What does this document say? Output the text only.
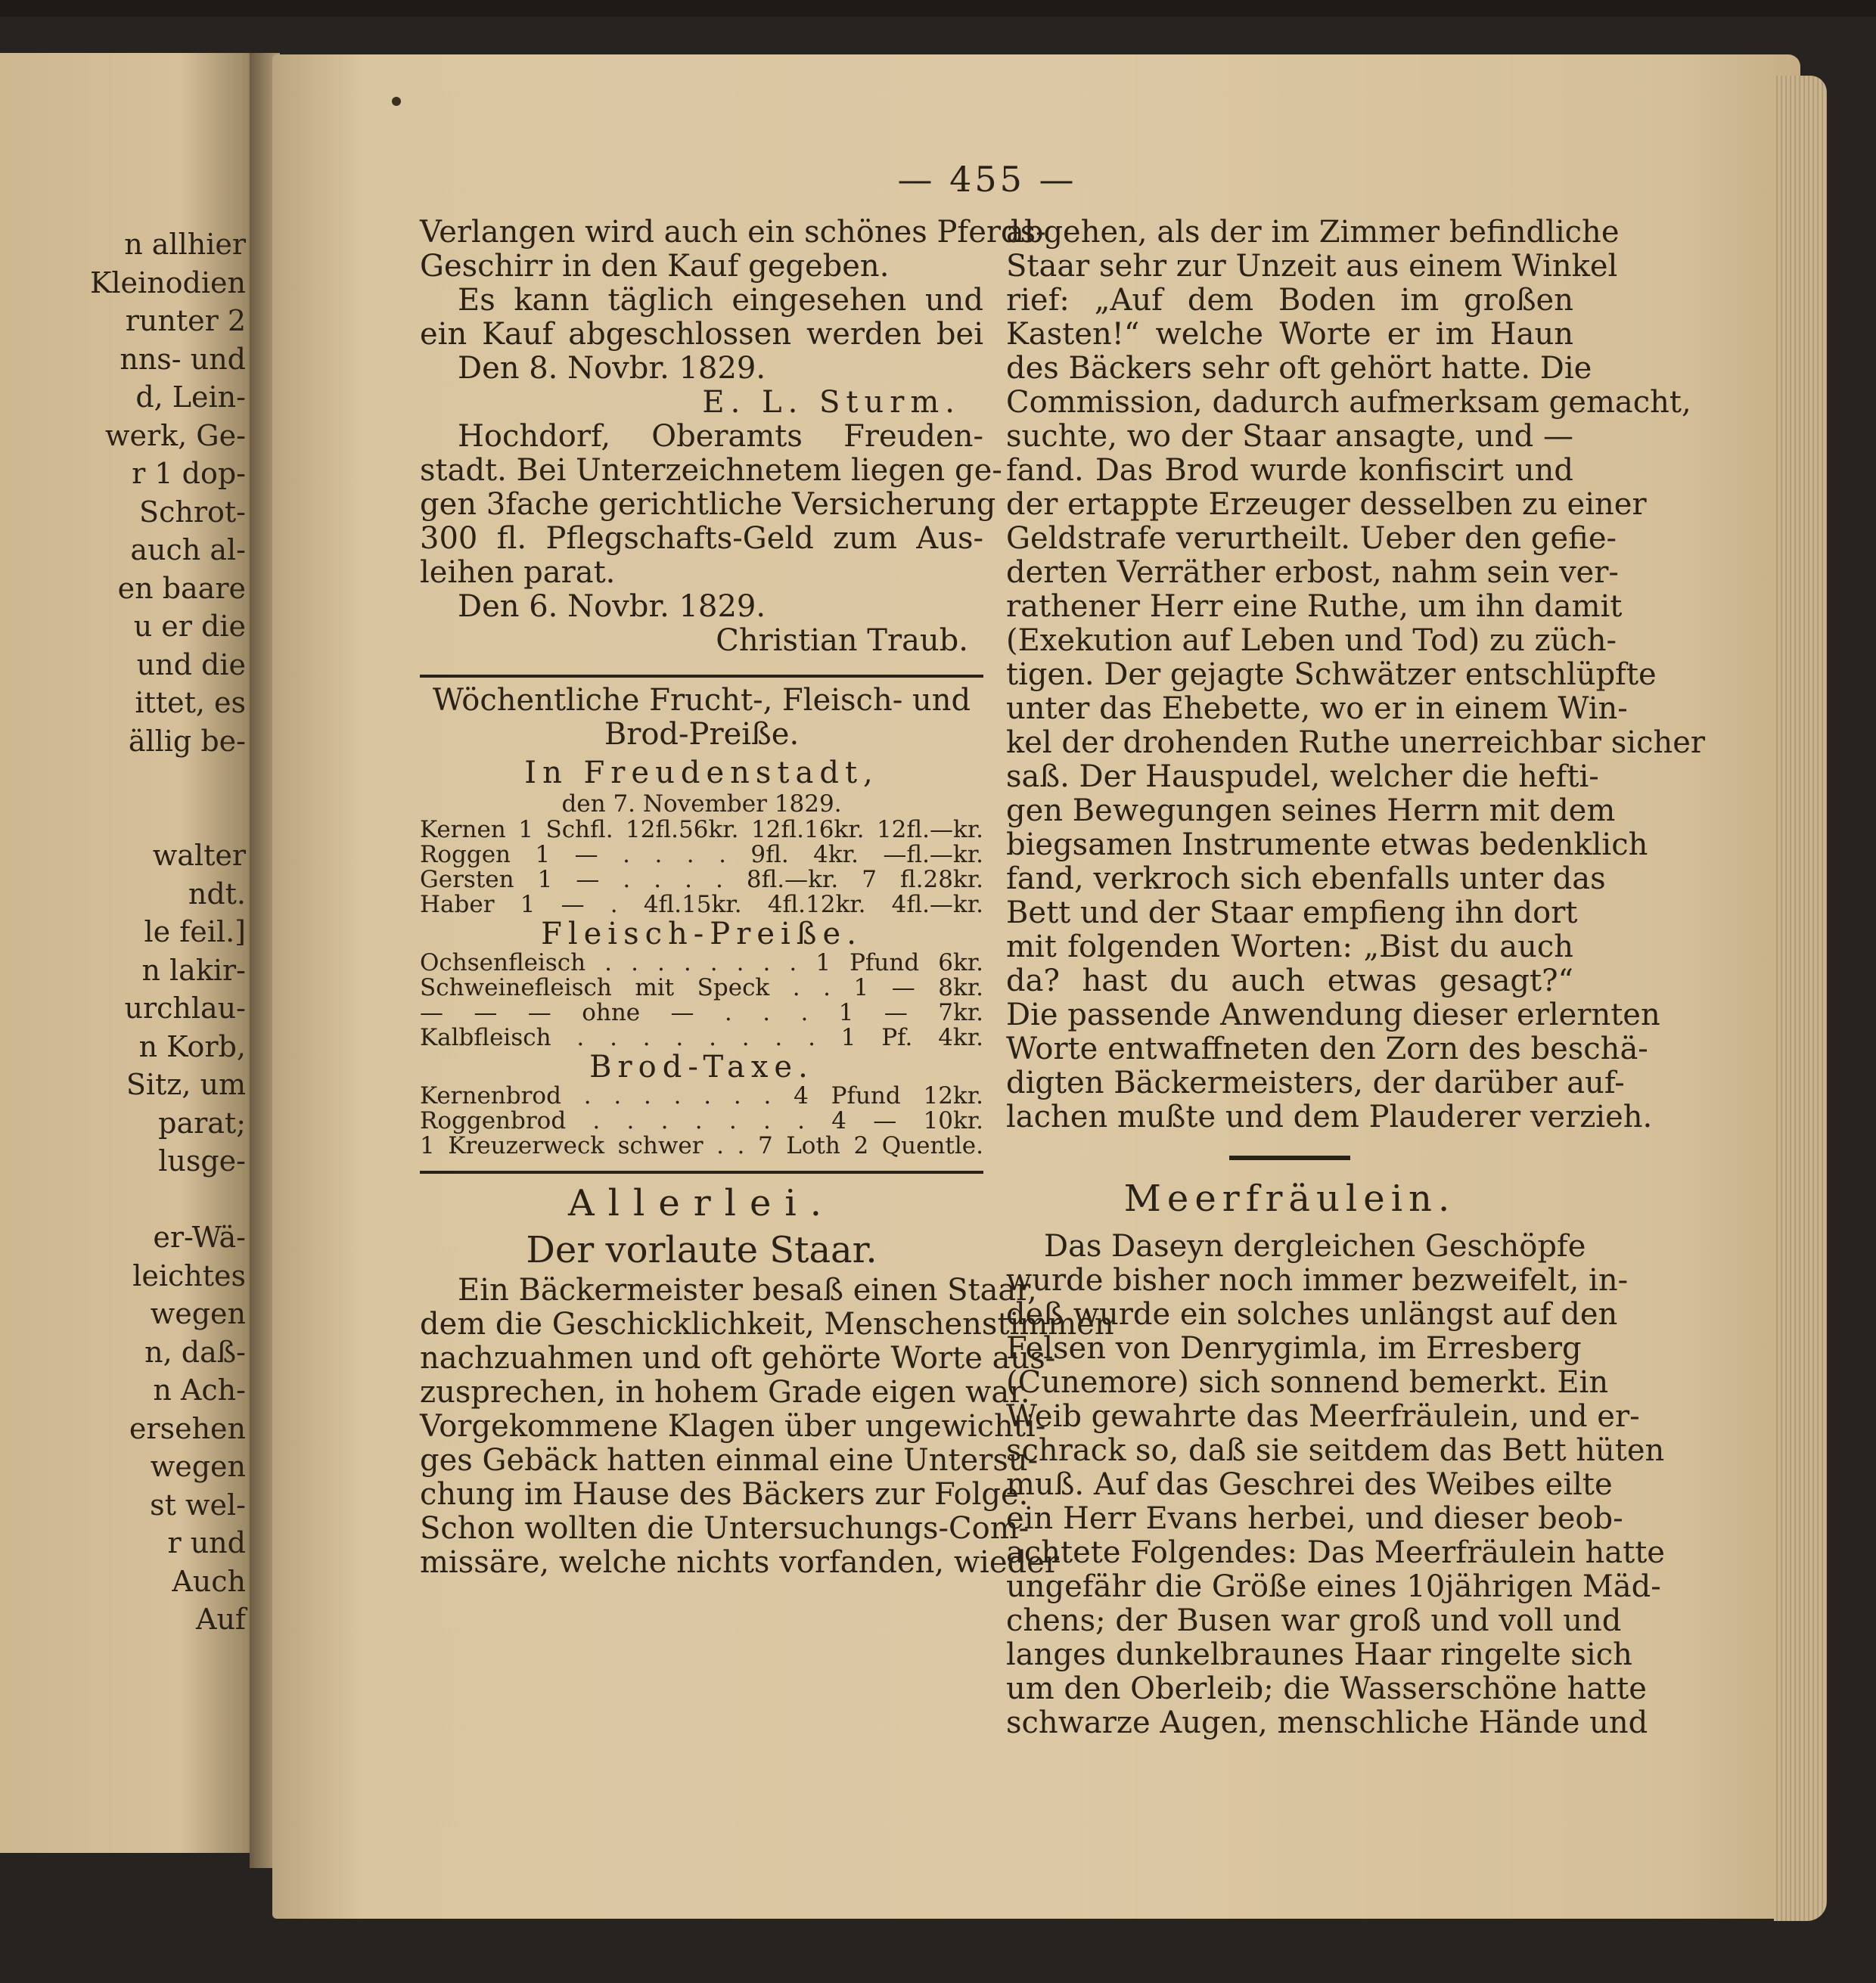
n allhier
Kleinodien
runter 2
nns- und
d, Lein-
werk, Ge-
r 1 dop-
Schrot-
auch al-
en baare
u er die
und die
ittet, es
ällig be-
walter
ndt.
le feil.]
n lakir-
urchlau-
n Korb,
Sitz, um
parat;
lusge-
er-Wä-
leichtes
wegen
n, daß-
n Ach-
ersehen
wegen
st wel-
r und
Auch
Auf
— 455 —
Verlangen wird auch ein schönes Pferds-
Geschirr in den Kauf gegeben.
Es kann täglich eingesehen und
ein Kauf abgeschlossen werden bei
Den 8. Novbr. 1829.
E. L. Sturm.
Hochdorf, Oberamts Freuden-
stadt. Bei Unterzeichnetem liegen ge-
gen 3fache gerichtliche Versicherung
300 fl. Pflegschafts-Geld zum Aus-
leihen parat.
Den 6. Novbr. 1829.
Christian Traub.
Wöchentliche Frucht-, Fleisch- und
Brod-Preiße.
In Freudenstadt,
den 7. November 1829.
Kernen 1 Schfl. 12fl.56kr. 12fl.16kr. 12fl.—kr.
Roggen 1 — . . . . 9fl. 4kr. —fl.—kr.
Gersten 1 — . . . . 8fl.—kr. 7 fl.28kr.
Haber 1 — . 4fl.15kr. 4fl.12kr. 4fl.—kr.
Fleisch-Preiße.
Ochsenfleisch . . . . . . . . 1 Pfund 6kr.
Schweinefleisch mit Speck . . 1 — 8kr.
— — — ohne — . . . 1 — 7kr.
Kalbfleisch . . . . . . . . 1 Pf. 4kr.
Brod-Taxe.
Kernenbrod . . . . . . . 4 Pfund 12kr.
Roggenbrod . . . . . . . 4 — 10kr.
1 Kreuzerweck schwer . . 7 Loth 2 Quentle.
Allerlei.
Der vorlaute Staar.
Ein Bäckermeister besaß einen Staar,
dem die Geschicklichkeit, Menschenstimmen
nachzuahmen und oft gehörte Worte aus-
zusprechen, in hohem Grade eigen war.
Vorgekommene Klagen über ungewichti-
ges Gebäck hatten einmal eine Untersu-
chung im Hause des Bäckers zur Folge.
Schon wollten die Untersuchungs-Com-
missäre, welche nichts vorfanden, wieder
abgehen, als der im Zimmer befindliche
Staar sehr zur Unzeit aus einem Winkel
rief: „Auf dem Boden im großen
Kasten!“ welche Worte er im Haun
des Bäckers sehr oft gehört hatte. Die
Commission, dadurch aufmerksam gemacht,
suchte, wo der Staar ansagte, und —
fand. Das Brod wurde konfiscirt und
der ertappte Erzeuger desselben zu einer
Geldstrafe verurtheilt. Ueber den gefie-
derten Verräther erbost, nahm sein ver-
rathener Herr eine Ruthe, um ihn damit
(Exekution auf Leben und Tod) zu züch-
tigen. Der gejagte Schwätzer entschlüpfte
unter das Ehebette, wo er in einem Win-
kel der drohenden Ruthe unerreichbar sicher
saß. Der Hauspudel, welcher die hefti-
gen Bewegungen seines Herrn mit dem
biegsamen Instrumente etwas bedenklich
fand, verkroch sich ebenfalls unter das
Bett und der Staar empfieng ihn dort
mit folgenden Worten: „Bist du auch
da? hast du auch etwas gesagt?“
Die passende Anwendung dieser erlernten
Worte entwaffneten den Zorn des beschä-
digten Bäckermeisters, der darüber auf-
lachen mußte und dem Plauderer verzieh.
Meerfräulein.
Das Daseyn dergleichen Geschöpfe
wurde bisher noch immer bezweifelt, in-
deß wurde ein solches unlängst auf den
Felsen von Denrygimla, im Erresberg
(Cunemore) sich sonnend bemerkt. Ein
Weib gewahrte das Meerfräulein, und er-
schrack so, daß sie seitdem das Bett hüten
muß. Auf das Geschrei des Weibes eilte
ein Herr Evans herbei, und dieser beob-
achtete Folgendes: Das Meerfräulein hatte
ungefähr die Größe eines 10jährigen Mäd-
chens; der Busen war groß und voll und
langes dunkelbraunes Haar ringelte sich
um den Oberleib; die Wasserschöne hatte
schwarze Augen, menschliche Hände und
